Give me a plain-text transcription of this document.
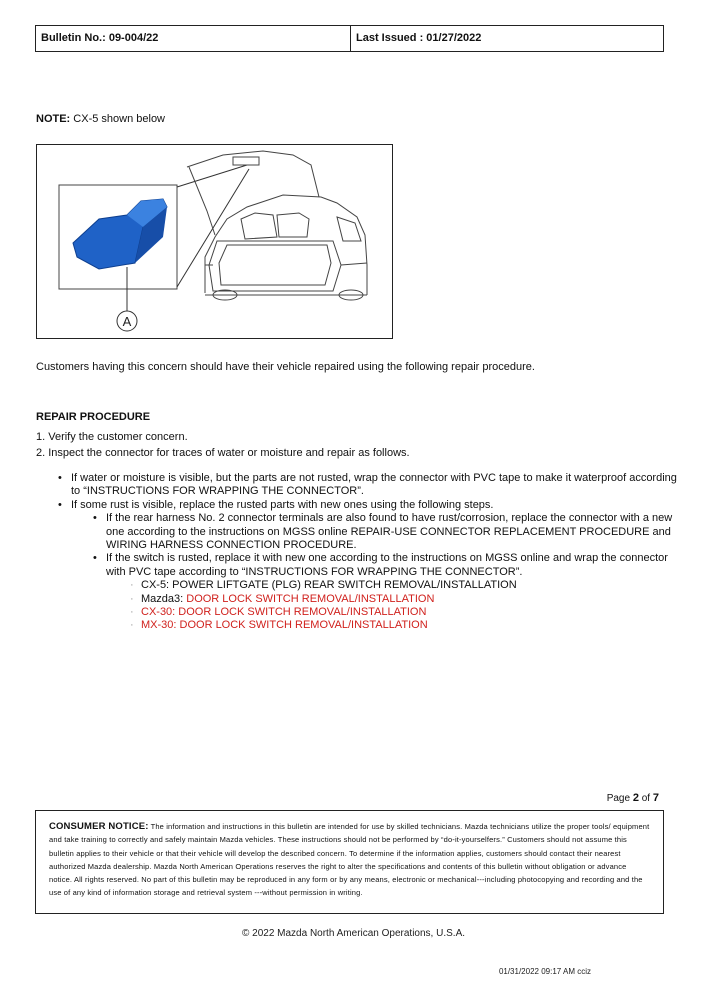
Bulletin No.: 09-004/22	Last Issued : 01/27/2022
NOTE: CX-5 shown below
A
Customers having this concern should have their vehicle repaired using the following repair procedure.
REPAIR PROCEDURE
1. Verify the customer concern.
2. Inspect the connector for traces of water or moisture and repair as follows.
• If water or moisture is visible, but the parts are not rusted, wrap the connector with PVC tape to make it waterproof according to “INSTRUCTIONS FOR WRAPPING THE CONNECTOR”.
• If some rust is visible, replace the rusted parts with new ones using the following steps.
• If the rear harness No. 2 connector terminals are also found to have rust/corrosion, replace the connector with a new one according to the instructions on MGSS online REPAIR-USE CONNECTOR REPLACEMENT PROCEDURE and WIRING HARNESS CONNECTION PROCEDURE.
• If the switch is rusted, replace it with new one according to the instructions on MGSS online and wrap the connector with PVC tape according to “INSTRUCTIONS FOR WRAPPING THE CONNECTOR”.
· CX-5: POWER LIFTGATE (PLG) REAR SWITCH REMOVAL/INSTALLATION
· Mazda3: DOOR LOCK SWITCH REMOVAL/INSTALLATION
· CX-30: DOOR LOCK SWITCH REMOVAL/INSTALLATION
· MX-30: DOOR LOCK SWITCH REMOVAL/INSTALLATION
Page 2 of 7
CONSUMER NOTICE: The information and instructions in this bulletin are intended for use by skilled technicians. Mazda technicians utilize the proper tools/ equipment and take training to correctly and safely maintain Mazda vehicles. These instructions should not be performed by “do-it-yourselfers.” Customers should not assume this bulletin applies to their vehicle or that their vehicle will develop the described concern. To determine if the information applies, customers should contact their nearest authorized Mazda dealership. Mazda North American Operations reserves the right to alter the specifications and contents of this bulletin without obligation or advance notice. All rights reserved. No part of this bulletin may be reproduced in any form or by any means, electronic or mechanical---including photocopying and recording and the use of any kind of information storage and retrieval system ---without permission in writing.
© 2022 Mazda North American Operations, U.S.A.
01/31/2022 09:17 AM cciz
